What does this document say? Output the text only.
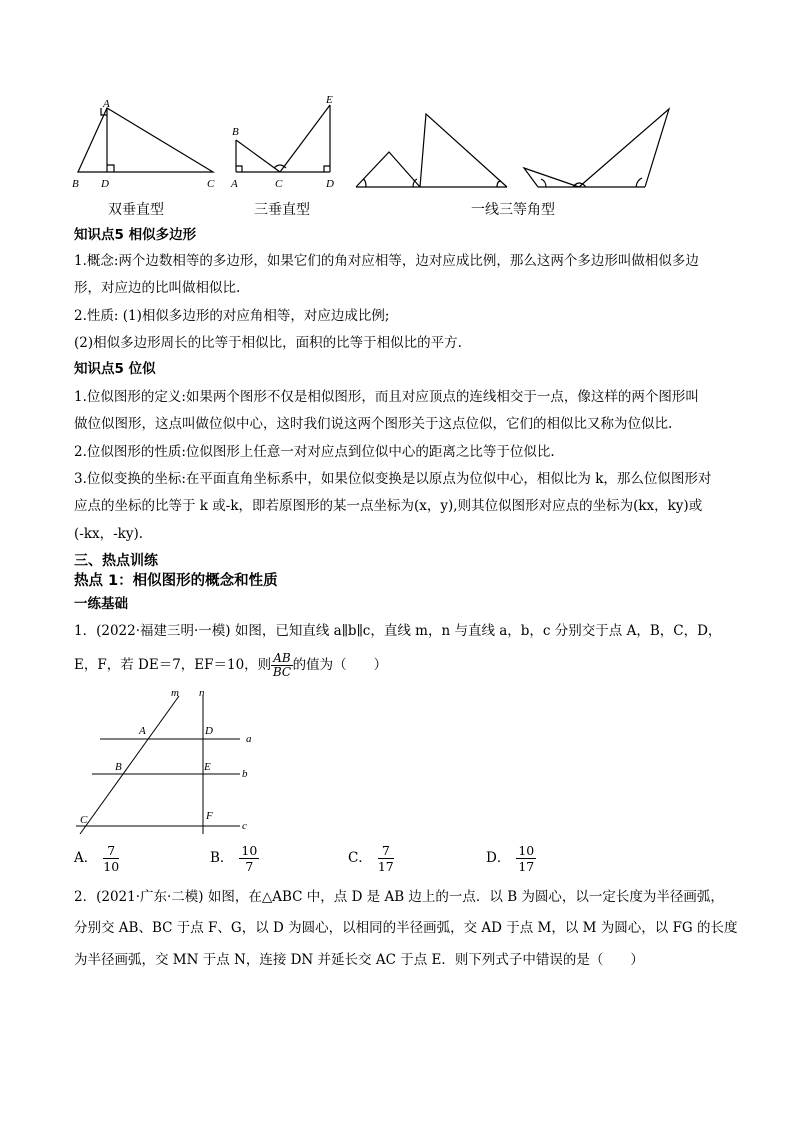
A
B D	C
B
E
A	C	D
双垂直型	三垂直型	一线三等角型
知识点5 相似多边形
1.概念:两个边数相等的多边形，如果它们的角对应相等，边对应成比例，那么这两个多边形叫做相似多边
形，对应边的比叫做相似比.
2.性质: (1)相似多边形的对应角相等，对应边成比例;
(2)相似多边形周长的比等于相似比，面积的比等于相似比的平方.
知识点5 位似
1.位似图形的定义:如果两个图形不仅是相似图形，而且对应顶点的连线相交于一点，像这样的两个图形叫
做位似图形，这点叫做位似中心，这时我们说这两个图形关于这点位似，它们的相似比又称为位似比.
2.位似图形的性质:位似图形上任意一对对应点到位似中心的距离之比等于位似比.
3.位似变换的坐标:在平面直角坐标系中，如果位似变换是以原点为位似中心，相似比为 k，那么位似图形对
应点的坐标的比等于 k 或-k，即若原图形的某一点坐标为(x，y),则其位似图形对应点的坐标为(kx，ky)或
(-kx，-ky).
三、热点训练
热点 1：相似图形的概念和性质
一练基础
1．(2022·福建三明·一模) 如图，已知直线 a∥b∥c，直线 m，n 与直线 a，b，c 分别交于点 A，B，C，D，
E，F，若 DE＝7，EF＝10，则 $\frac{AB}{BC}$ 的值为（　　）
m n
A	D
a
B	E
b
C	F
c
A． $\frac{7}{10}$	B． $\frac{10}{7}$	C． $\frac{7}{17}$	D． $\frac{10}{17}$
2．(2021·广东·二模) 如图，在△ABC 中，点 D 是 AB 边上的一点．以 B 为圆心，以一定长度为半径画弧，
分别交 AB、BC 于点 F、G，以 D 为圆心，以相同的半径画弧，交 AD 于点 M，以 M 为圆心，以 FG 的长度
为半径画弧，交 MN 于点 N，连接 DN 并延长交 AC 于点 E．则下列式子中错误的是（　　）
